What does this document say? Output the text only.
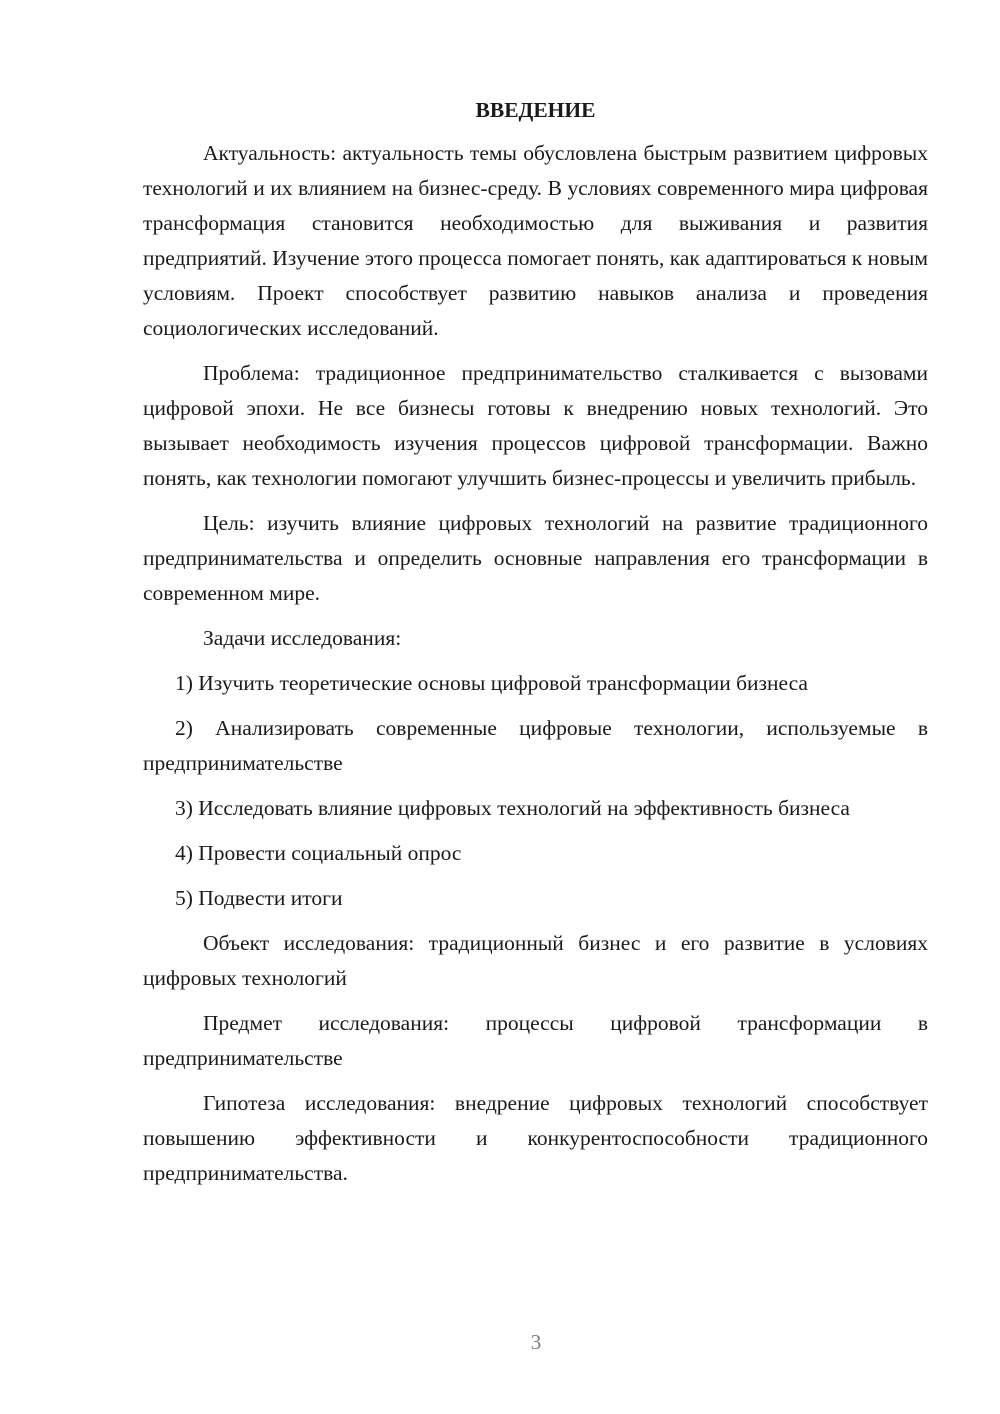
ВВЕДЕНИЕ

Актуальность: актуальность темы обусловлена быстрым развитием цифровых технологий и их влиянием на бизнес-среду. В условиях современного мира цифровая трансформация становится необходимостью для выживания и развития предприятий. Изучение этого процесса помогает понять, как адаптироваться к новым условиям. Проект способствует развитию навыков анализа и проведения социологических исследований.

Проблема: традиционное предпринимательство сталкивается с вызовами цифровой эпохи. Не все бизнесы готовы к внедрению новых технологий. Это вызывает необходимость изучения процессов цифровой трансформации. Важно понять, как технологии помогают улучшить бизнес-процессы и увеличить прибыль.

Цель: изучить влияние цифровых технологий на развитие традиционного предпринимательства и определить основные направления его трансформации в современном мире.

Задачи исследования:

1) Изучить теоретические основы цифровой трансформации бизнеса

2) Анализировать современные цифровые технологии, используемые в предпринимательстве

3) Исследовать влияние цифровых технологий на эффективность бизнеса

4) Провести социальный опрос

5) Подвести итоги

Объект исследования: традиционный бизнес и его развитие в условиях цифровых технологий

Предмет исследования: процессы цифровой трансформации в предпринимательстве

Гипотеза исследования: внедрение цифровых технологий способствует повышению эффективности и конкурентоспособности традиционного предпринимательства.

3
